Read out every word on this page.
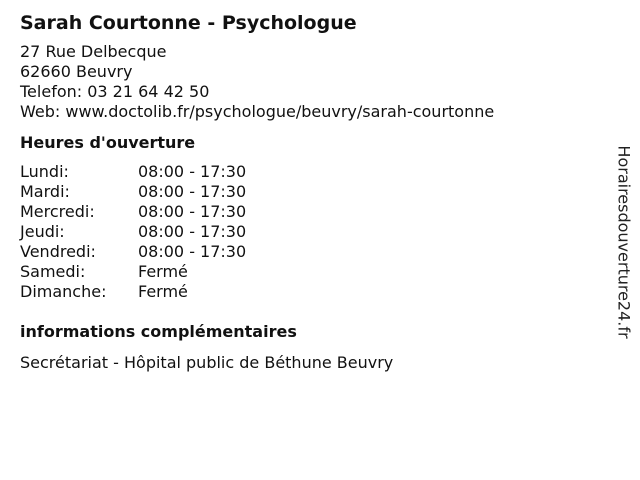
Sarah Courtonne - Psychologue
27 Rue Delbecque
62660 Beuvry
Telefon: 03 21 64 42 50
Web: www.doctolib.fr/psychologue/beuvry/sarah-courtonne
Heures d'ouverture
Lundi:	08:00 - 17:30
Mardi:	08:00 - 17:30
Mercredi:	08:00 - 17:30
Jeudi:	08:00 - 17:30
Vendredi:	08:00 - 17:30
Samedi:	Fermé
Dimanche:	Fermé
informations complémentaires
Secrétariat - Hôpital public de Béthune Beuvry
Horairesdouverture24.fr
